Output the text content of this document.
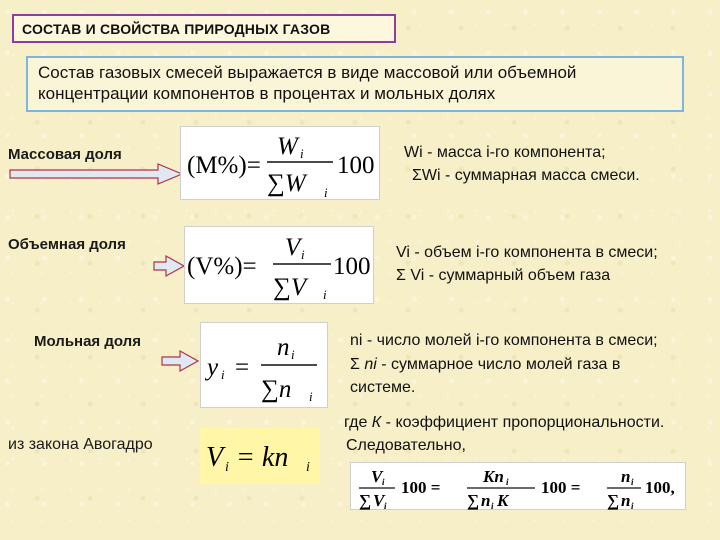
СОСТАВ И СВОЙСТВА ПРИРОДНЫХ ГАЗОВ
Состав газовых смесей выражается в виде массовой или объемной
концентрации компонентов в процентах и мольных долях
Массовая доля	(M%)=
W i
∑W i
100 Wi - масса i-го компонента;
ΣWi - суммарная масса смеси.
Объемная доля
(V%)=
V i
∑V i
100
Vi - объем i-го компонента в смеси;
Σ Vi - суммарный объем газа
Мольная доля
y i =
n i
∑n i
ni - число молей i-го компонента в смеси;
Σ ni - суммарное число молей газа в
системе.
из закона Авогадро V i = kn i
где К - коэффициент пропорциональности.
Следовательно,
V i
∑ V i
100 =
Kn i
∑ n i K
100 =
n i
∑ n i
100,
